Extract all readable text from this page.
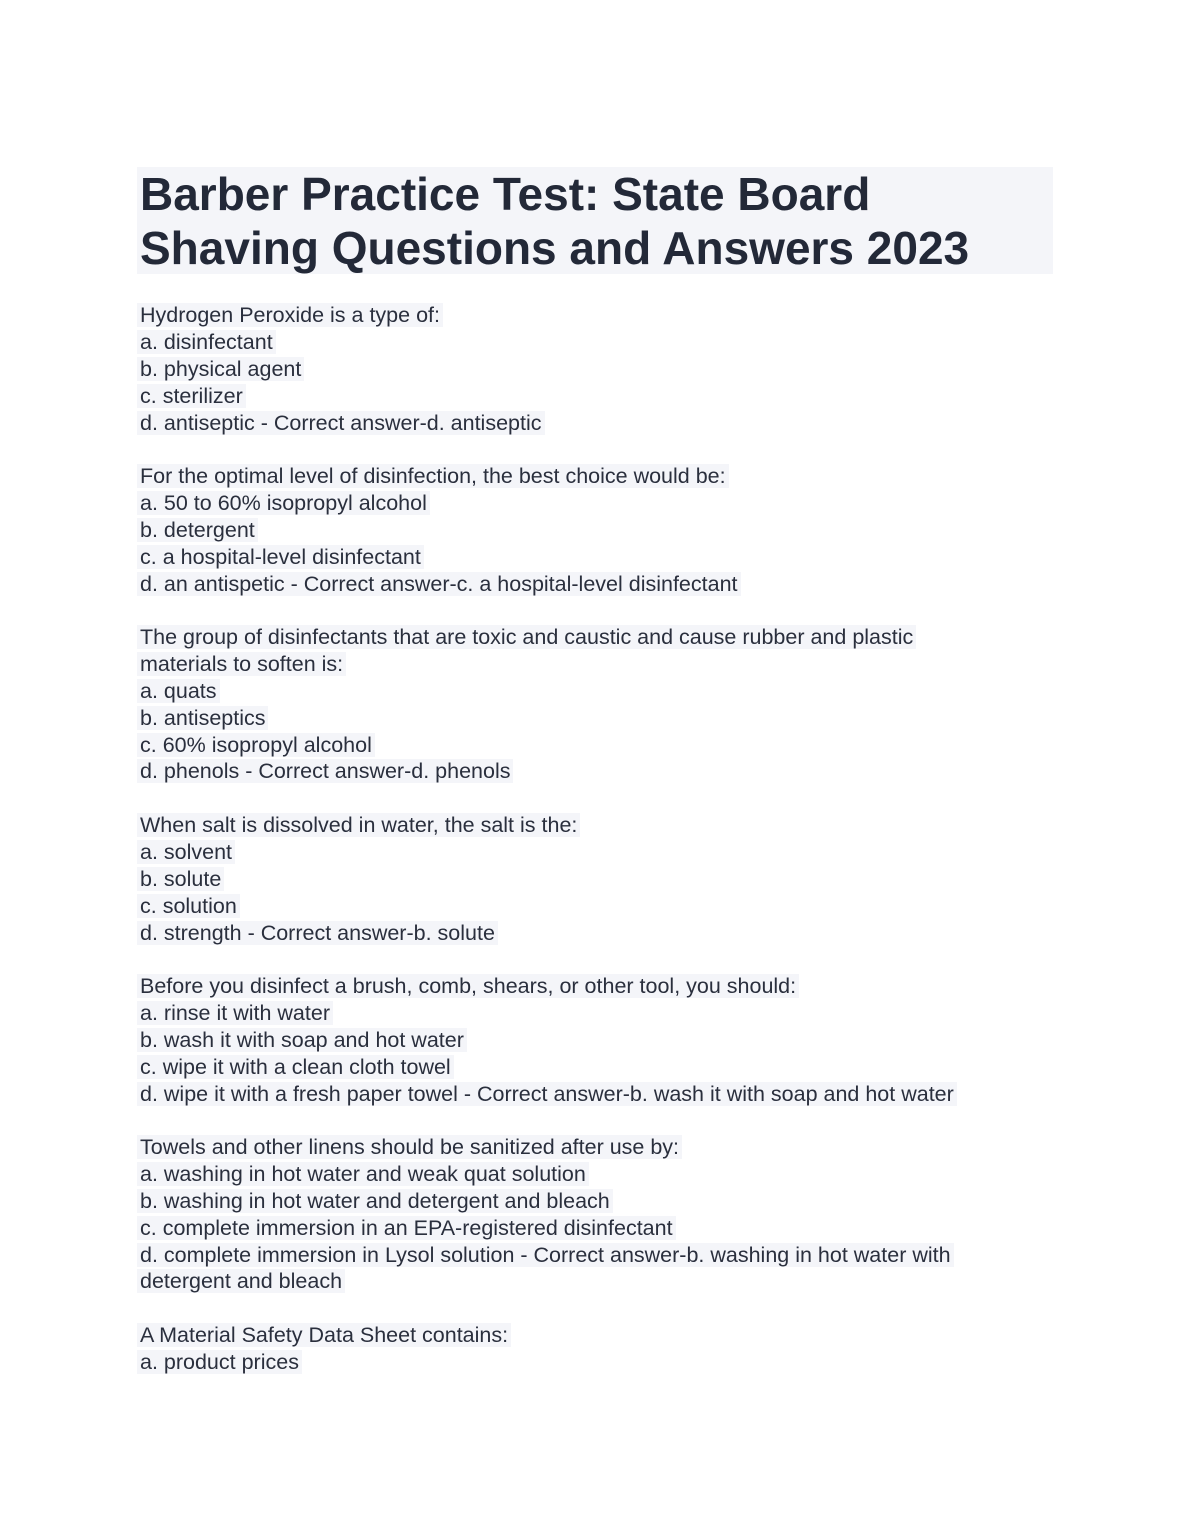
Barber Practice Test: State Board
Shaving Questions and Answers 2023
Hydrogen Peroxide is a type of:
a. disinfectant
b. physical agent
c. sterilizer
d. antiseptic - Correct answer-d. antiseptic
For the optimal level of disinfection, the best choice would be:
a. 50 to 60% isopropyl alcohol
b. detergent
c. a hospital-level disinfectant
d. an antispetic - Correct answer-c. a hospital-level disinfectant
The group of disinfectants that are toxic and caustic and cause rubber and plastic
materials to soften is:
a. quats
b. antiseptics
c. 60% isopropyl alcohol
d. phenols - Correct answer-d. phenols
When salt is dissolved in water, the salt is the:
a. solvent
b. solute
c. solution
d. strength - Correct answer-b. solute
Before you disinfect a brush, comb, shears, or other tool, you should:
a. rinse it with water
b. wash it with soap and hot water
c. wipe it with a clean cloth towel
d. wipe it with a fresh paper towel - Correct answer-b. wash it with soap and hot water
Towels and other linens should be sanitized after use by:
a. washing in hot water and weak quat solution
b. washing in hot water and detergent and bleach
c. complete immersion in an EPA-registered disinfectant
d. complete immersion in Lysol solution - Correct answer-b. washing in hot water with
detergent and bleach
A Material Safety Data Sheet contains:
a. product prices
